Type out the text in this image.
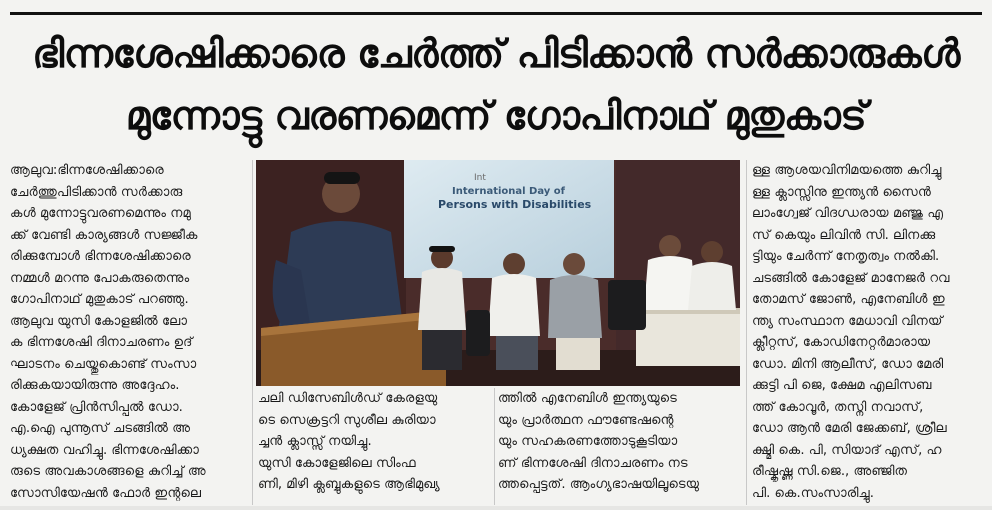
ഭിന്നശേഷിക്കാരെ ചേർത്ത് പിടിക്കാൻ സർക്കാരുകൾ
മുന്നോട്ടു വരണമെന്ന് ഗോപിനാഥ് മുതുകാട്

ആലുവ:ഭിന്നശേഷിക്കാരെ

ചേർത്തുപിടിക്കാൻ സർക്കാരു

കൾ മുന്നോട്ടുവരണമെന്നും നമു

ക്ക് വേണ്ടി കാര്യങ്ങൾ സജ്ജീക

രിക്കുമ്പോൾ ഭിന്നശേഷിക്കാരെ

നമ്മൾ മറന്നു പോകരുതെന്നും

ഗോപിനാഥ് മുതുകാട് പറഞ്ഞു.

ആലുവ യുസി കോളജിൽ ലോ

ക ഭിന്നശേഷി ദിനാചരണം ഉദ്

ഘാടനം ചെയ്തുകൊണ്ട് സംസാ

രിക്കുകയായിരുന്നു അദ്ദേഹം.

കോളേജ് പ്രിൻസിപ്പൽ ഡോ.

എ.ഐ പുന്നൂസ് ചടങ്ങിൽ അ

ധ്യക്ഷത വഹിച്ചു. ഭിന്നശേഷിക്കാ

രുടെ അവകാശങ്ങളെ കുറിച്ച് അ

സോസിയേഷൻ ഫോർ ഇന്റലെ

Int
International Day of
Persons with Disabilities

ചലി ഡിസേബിൾഡ് കേരളയു

ടെ സെക്രട്ടറി സുശീല കുരിയാ

ച്ചൻ ക്ലാസ്സ് നയിച്ചു.

യുസി കോളേജിലെ സിംഫ

ണി, മിഴി ക്ലബ്ബുകളുടെ ആഭിമുഖ്യ

ത്തിൽ എനേബിൾ ഇന്ത്യയുടെ

യും പ്രാർത്ഥന ഫൗണ്ടേഷന്റെ

യും സഹകരണത്തോടുകൂടിയാ

ണ് ഭിന്നശേഷി ദിനാചരണം നട

ത്തപ്പെട്ടത്. ആംഗ്യഭാഷയിലൂടെയു

ള്ള ആശയവിനിമയത്തെ കുറിച്ചു

ള്ള ക്ലാസ്സിനു ഇന്ത്യൻ സൈൻ

ലാംഗ്വേജ് വിദഗ്ധരായ മഞ്ജു എ

സ് കെയും ലിവിൻ സി. ലിനക്കു

ട്ടിയും ചേർന്ന് നേതൃത്വം നൽകി.

ചടങ്ങിൽ കോളേജ് മാനേജർ റവ

തോമസ് ജോൺ, എനേബിൾ ഇ

ന്ത്യ സംസ്ഥാന മേധാവി വിനയ്

ക്ലീറ്റസ്, കോഡിനേറ്റർമാരായ

ഡോ. മിനി ആലീസ്, ഡോ മേരി

ക്കുട്ടി പി ജെ, ക്ഷേമ എലിസബ

ത്ത് കോവൂർ, തസ്നി നവാസ്,

ഡോ ആൻ മേരി ജേക്കബ്, ശ്രീല

ക്ഷ്മി കെ. പി, സിയാദ് എസ്, ഹ

രീഷ്കൃഷ്ണ സി.ജെ., അഞ്ജിത

പി. കെ.സംസാരിച്ചു.
